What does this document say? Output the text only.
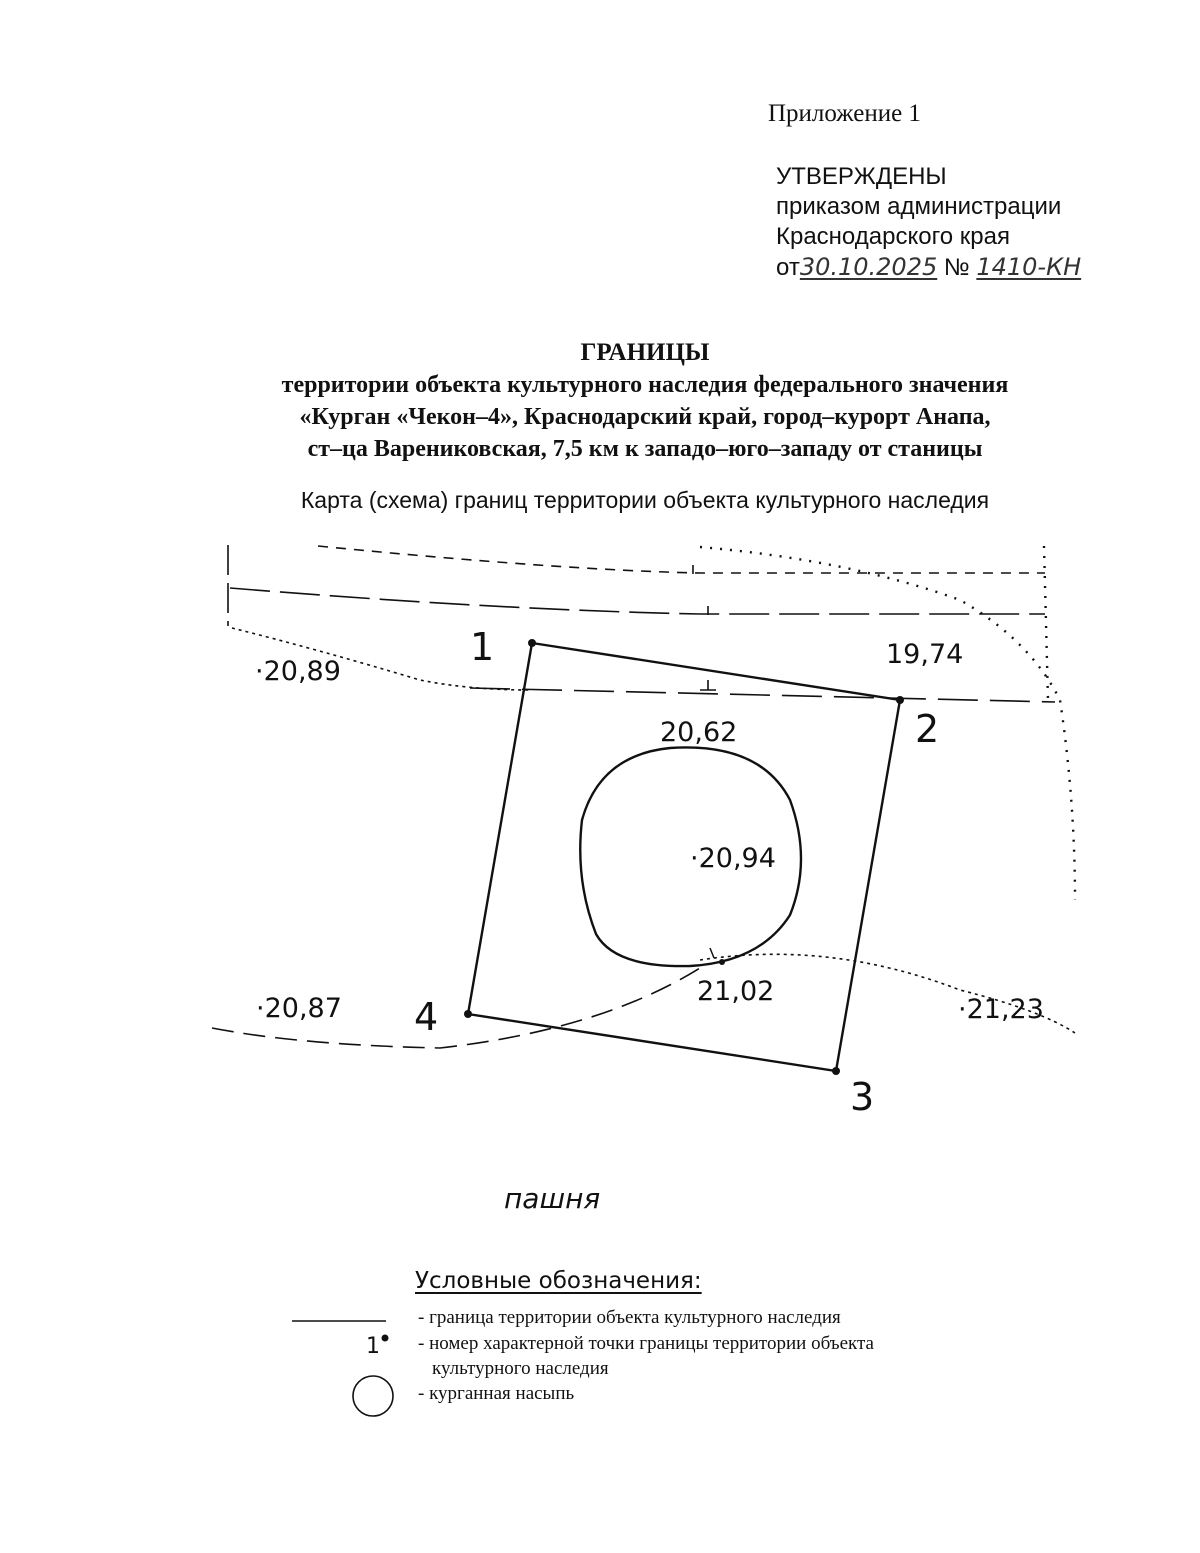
Приложение 1
УТВЕРЖДЕНЫ
приказом администрации
Краснодарского края
от30.10.2025 № 1410-КН
ГРАНИЦЫ
территории объекта культурного наследия федерального значения
«Курган «Чекон–4», Краснодарский край, город–курорт Анапа,
ст–ца Варениковская, 7,5 км к западо–юго–западу от станицы
Карта (схема) границ территории объекта культурного наследия
1
2
3
4
·20,89
19,74
20,62
·20,94
21,02
·20,87	·21,23
пашня
1
Условные обозначения:
- граница территории объекта культурного наследия
- номер характерной точки границы территории объекта
культурного наследия
- курганная насыпь
